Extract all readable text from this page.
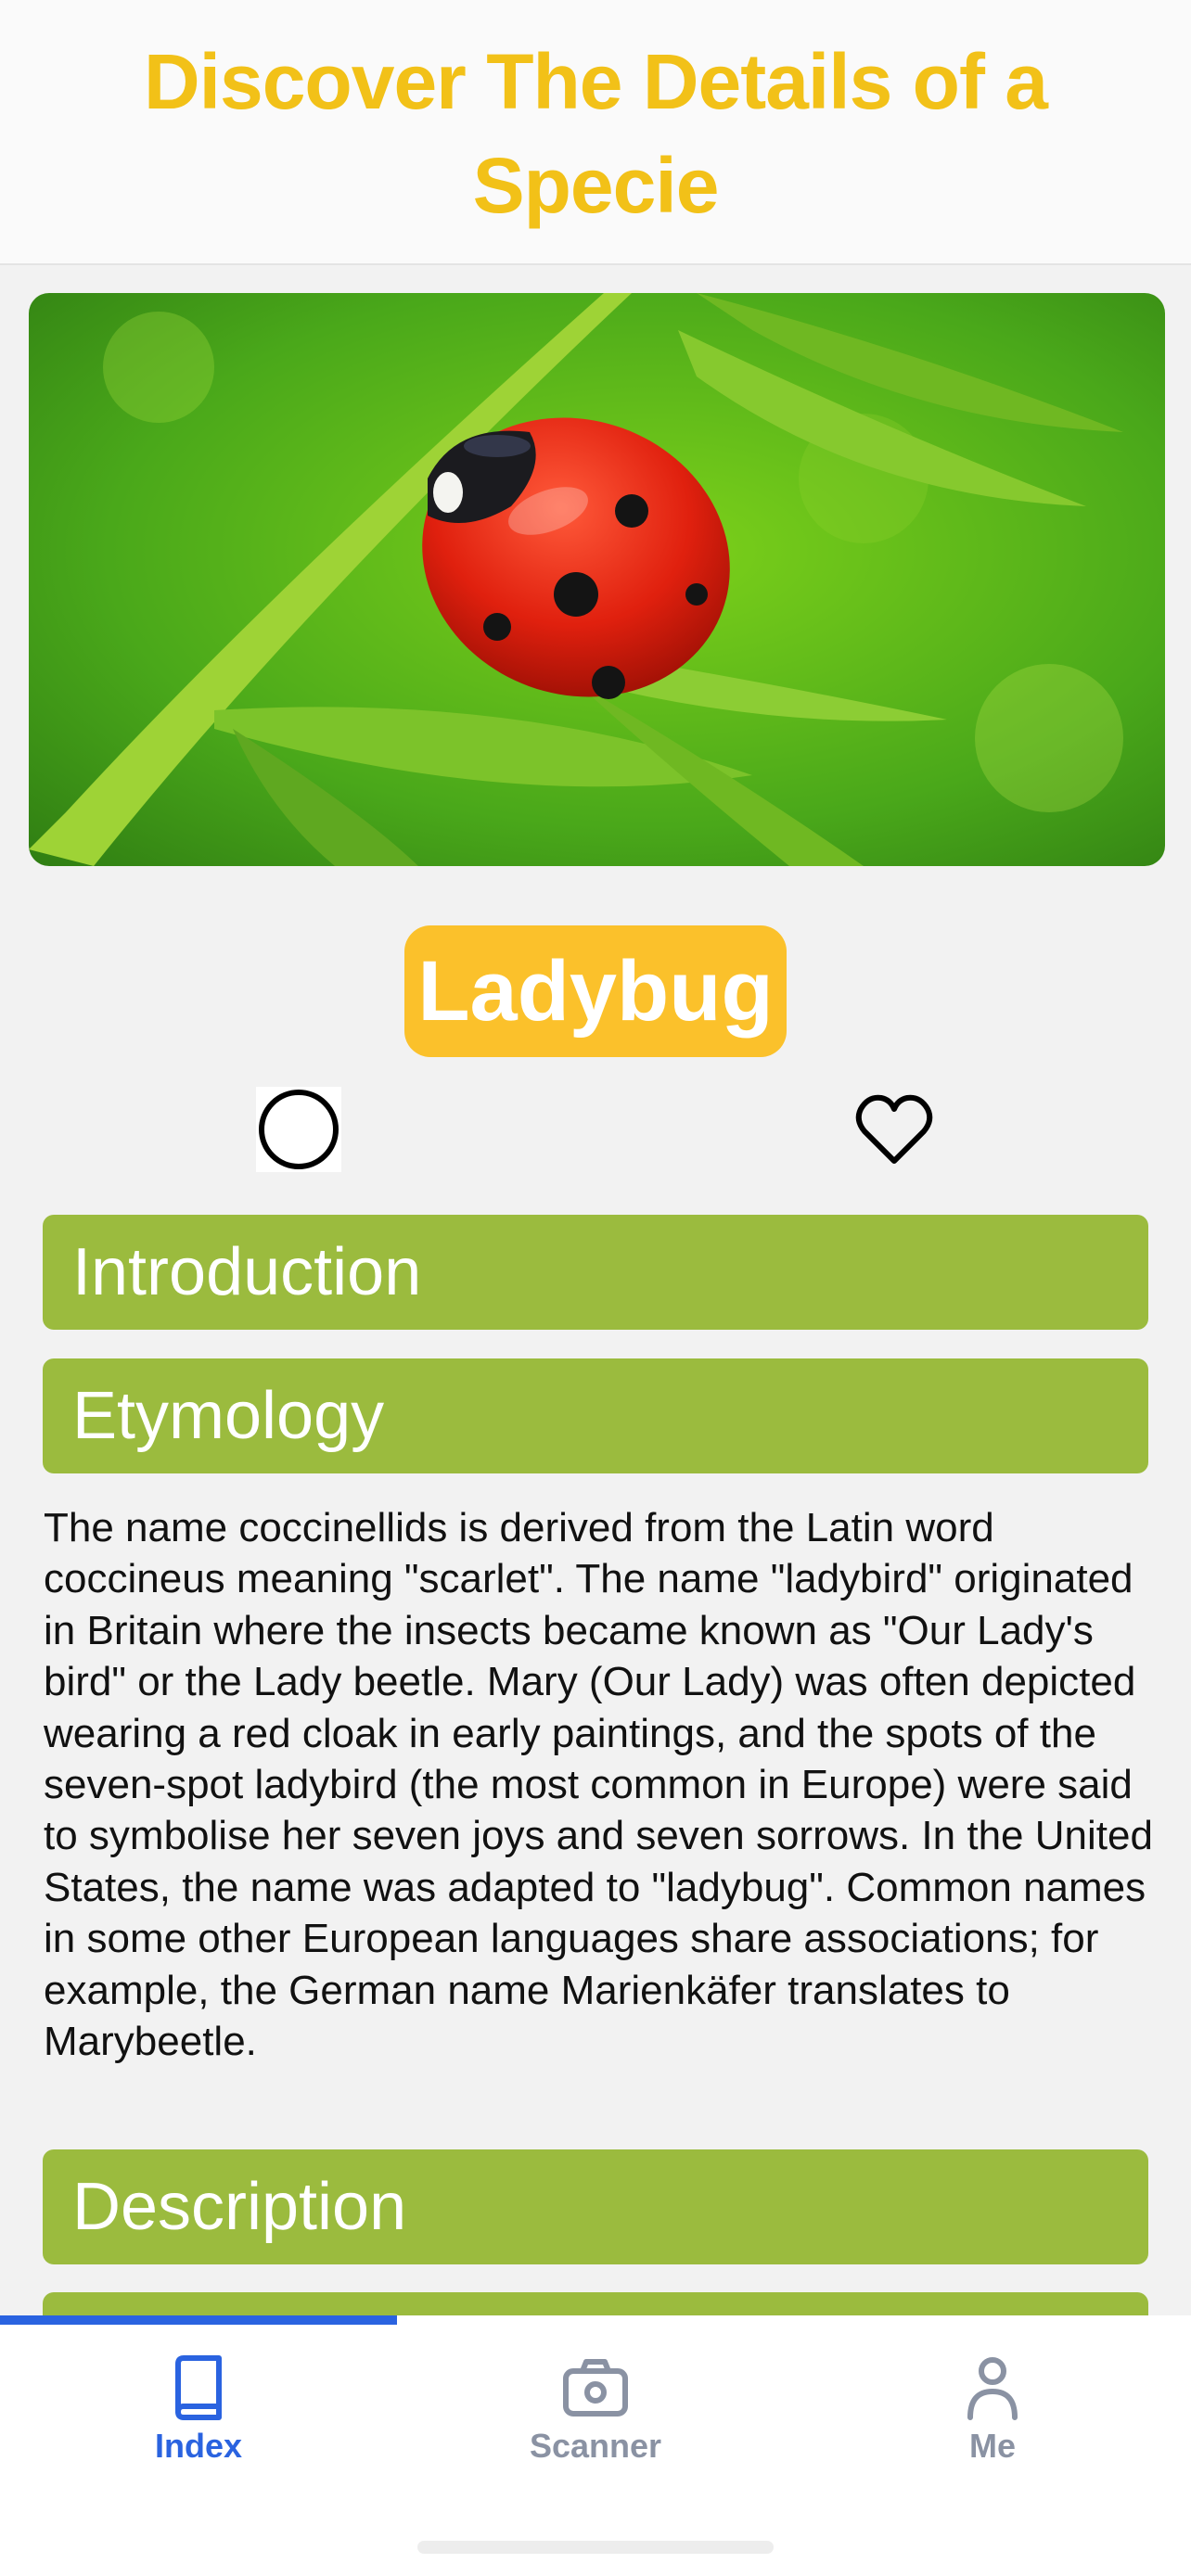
Discover The Details of a Specie
Ladybug
Introduction
Etymology
The name coccinellids is derived from the Latin word coccineus meaning "scarlet". The name "ladybird" originated in Britain where the insects became known as "Our Lady's bird" or the Lady beetle. Mary (Our Lady) was often depicted wearing a red cloak in early paintings, and the spots of the seven-spot ladybird (the most common in Europe) were said to symbolise her seven joys and seven sorrows. In the United States, the name was adapted to "ladybug". Common names in some other European languages share associations; for example, the German name Marienkäfer translates to Marybeetle.
Description
Index	Scanner	Me
